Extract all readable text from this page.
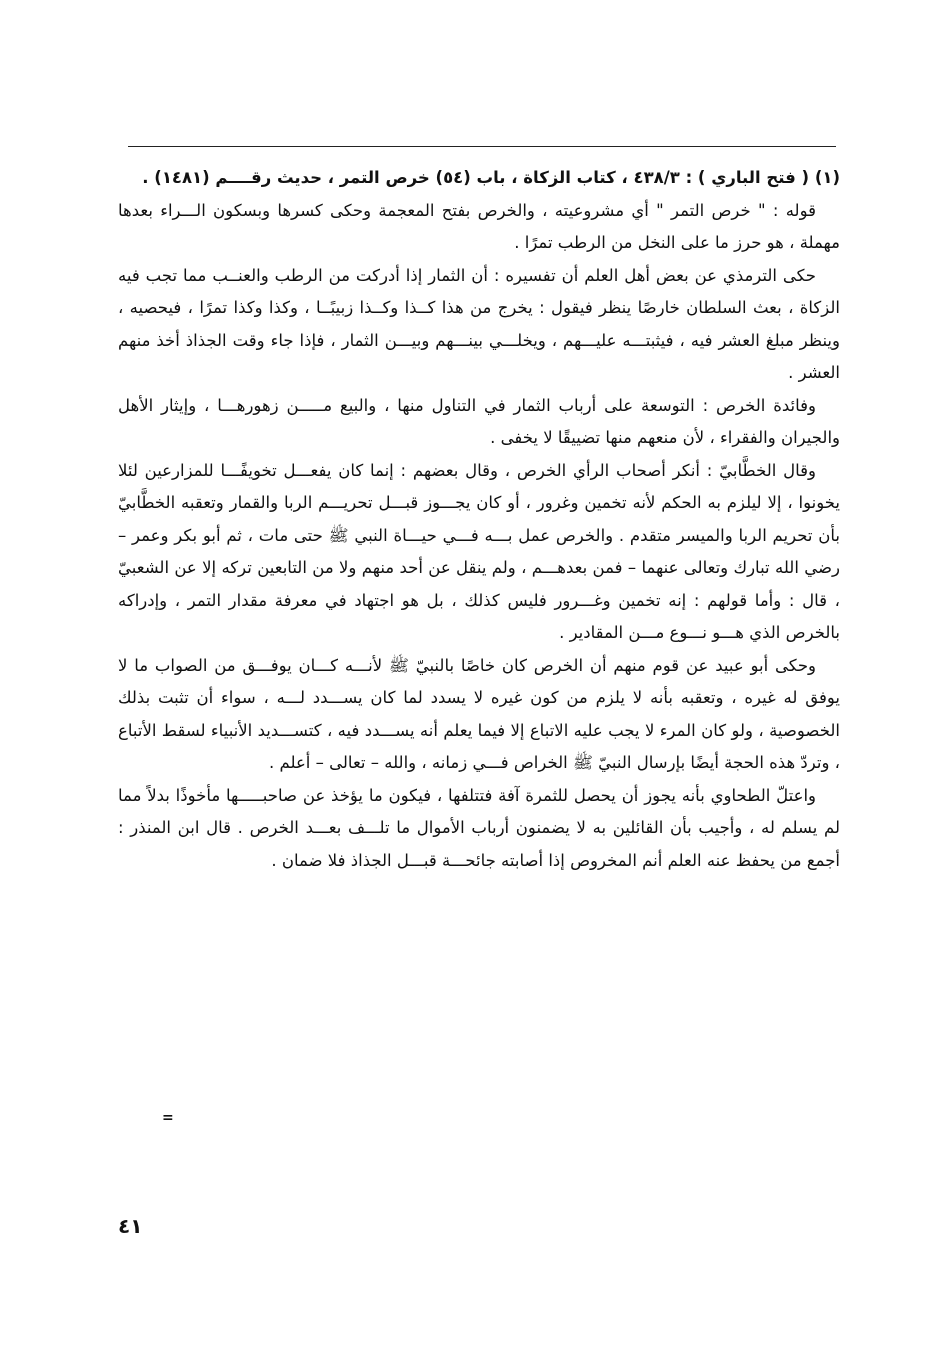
(١) ( فتح الباري ) : ٤٣٨/٣ ، كتاب الزكاة ، باب (٥٤) خرص التمر ، حديث رقــــم (١٤٨١) .

قوله : " خرص التمر " أي مشروعيته ، والخرص بفتح المعجمة وحكى كسرها وبسكون الـــراء بعدها مهملة ، هو حرز ما على النخل من الرطب تمرًا .

حكى الترمذي عن بعض أهل العلم أن تفسيره : أن الثمار إذا أدركت من الرطب والعنــب مما تجب فيه الزكاة ، بعث السلطان خارصًا ينظر فيقول : يخرج من هذا كــذا وكــذا زبيبًــا ، وكذا وكذا تمرًا ، فيحصيه ، وينظر مبلغ العشر فيه ، فيثبتـــه عليـــهم ، ويخلـــي بينـــهم وبيـــن الثمار ، فإذا جاء وقت الجذاذ أخذ منهم العشر .

وفائدة الخرص : التوسعة على أرباب الثمار في التناول منها ، والبيع مـــــن زهورهـــا ، وإيثار الأهل والجيران والفقراء ، لأن منعهم منها تضييقًا لا يخفى .

وقال الخطَّابيّ : أنكر أصحاب الرأي الخرص ، وقال بعضهم : إنما كان يفعـــل تخويفًـــا للمزارعين لئلا يخونوا ، إلا ليلزم به الحكم لأنه تخمين وغرور ، أو كان يجـــوز قبـــل تحريـــم الربا والقمار وتعقبه الخطَّابيّ بأن تحريم الربا والميسر متقدم . والخرص عمل بـــه فـــي حيـــاة النبي ﷺ حتى مات ، ثم أبو بكر وعمر – رضي الله تبارك وتعالى عنهما – فمن بعدهـــم ، ولم ينقل عن أحد منهم ولا من التابعين تركه إلا عن الشعبيّ ، قال : وأما قولهم : إنه تخمين وغـــرور فليس كذلك ، بل هو اجتهاد في معرفة مقدار التمر ، وإدراكه بالخرص الذي هـــو نـــوع مـــن المقادير .

وحكى أبو عبيد عن قوم منهم أن الخرص كان خاصًا بالنبيّ ﷺ لأنـــه كـــان يوفـــق من الصواب ما لا يوفق له غيره ، وتعقبه بأنه لا يلزم من كون غيره لا يسدد لما كان يســـدد لـــه ، سواء أن تثبت بذلك الخصوصية ، ولو كان المرء لا يجب عليه الاتباع إلا فيما يعلم أنه يســـدد فيه ، كتســـديد الأنبياء لسقط الأتباع ، وتردّ هذه الحجة أيضًا بإرسال النبيّ ﷺ الخراص فـــي زمانه ، والله – تعالى – أعلم .

واعتلّ الطحاوي بأنه يجوز أن يحصل للثمرة آفة فتتلفها ، فيكون ما يؤخذ عن صاحبـــــها مأخوذًا بدلاً مما لم يسلم له ، وأجيب بأن القائلين به لا يضمنون أرباب الأموال ما تلـــف بعـــد الخرص . قال ابن المنذر : أجمع من يحفظ عنه العلم أنم المخروص إذا أصابته جائحـــة قبـــل الجذاذ فلا ضمان .

=
٤١
